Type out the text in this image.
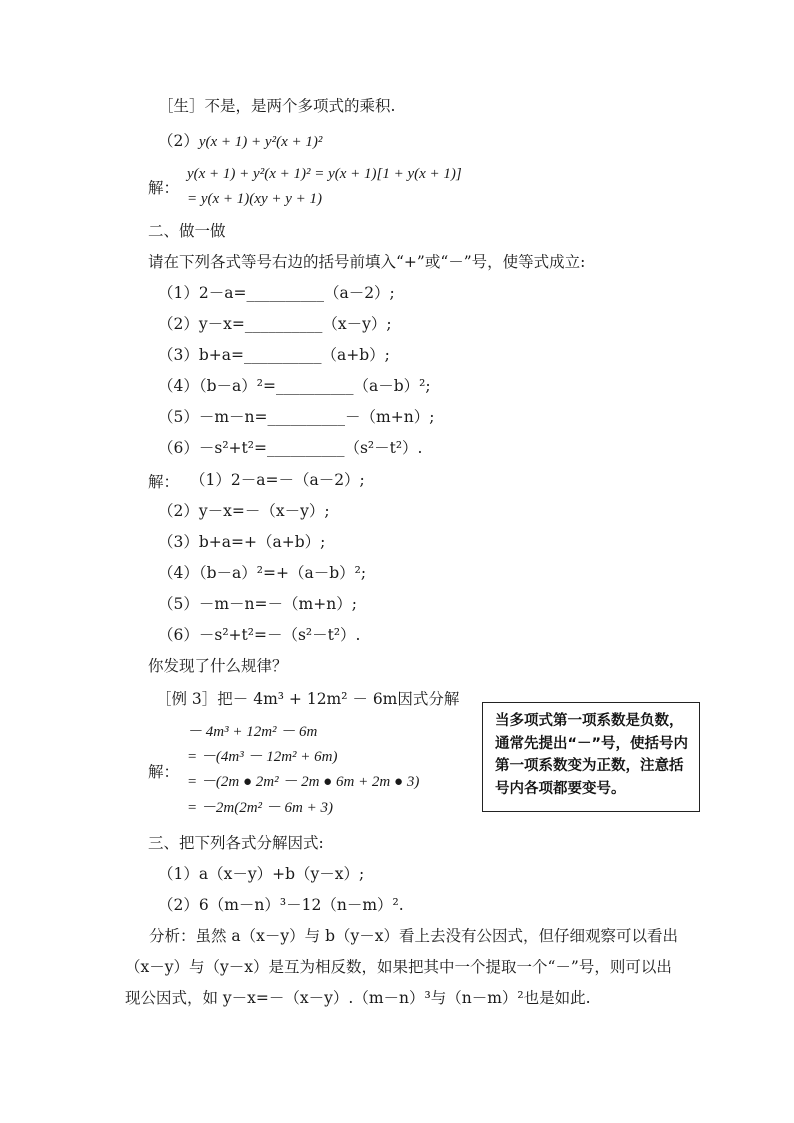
［生］不是，是两个多项式的乘积.
（2）y(x + 1) + y²(x + 1)²
解：
y(x + 1) + y²(x + 1)² = y(x + 1)[1 + y(x + 1)]
= y(x + 1)(xy + y + 1)
二、做一做
请在下列各式等号右边的括号前填入“+”或“－”号，使等式成立:
（1）2－a=__________（a－2）;
（2）y－x=__________（x－y）;
（3）b+a=__________（a+b）;
（4）（b－a）²=__________（a－b）²;
（5）－m－n=__________－（m+n）;
（6）－s²+t²=__________（s²－t²）.
解： （1）2－a=－（a－2）;
（2）y－x=－（x－y）;
（3）b+a=+（a+b）;
（4）（b－a）²=+（a－b）²;
（5）－m－n=－（m+n）;
（6）－s²+t²=－（s²－t²）.
你发现了什么规律？
［例 3］把－ 4m³ + 12m² － 6m因式分解
解：
－ 4m³ + 12m² － 6m
= －(4m³ － 12m² + 6m)
= －(2m ● 2m² － 2m ● 6m + 2m ● 3)
= －2m(2m² － 6m + 3)
当多项式第一项系数是负数，通常先提出“－”号，使括号内第一项系数变为正数，注意括号内各项都要变号。
三、把下列各式分解因式:
（1）a（x－y）+b（y－x）;
（2）6（m－n）³－12（n－m）².
分析：虽然 a（x－y）与 b（y－x）看上去没有公因式，但仔细观察可以看出（x－y）与（y－x）是互为相反数，如果把其中一个提取一个“－”号，则可以出现公因式，如 y－x=－（x－y）.（m－n）³与（n－m）²也是如此.
